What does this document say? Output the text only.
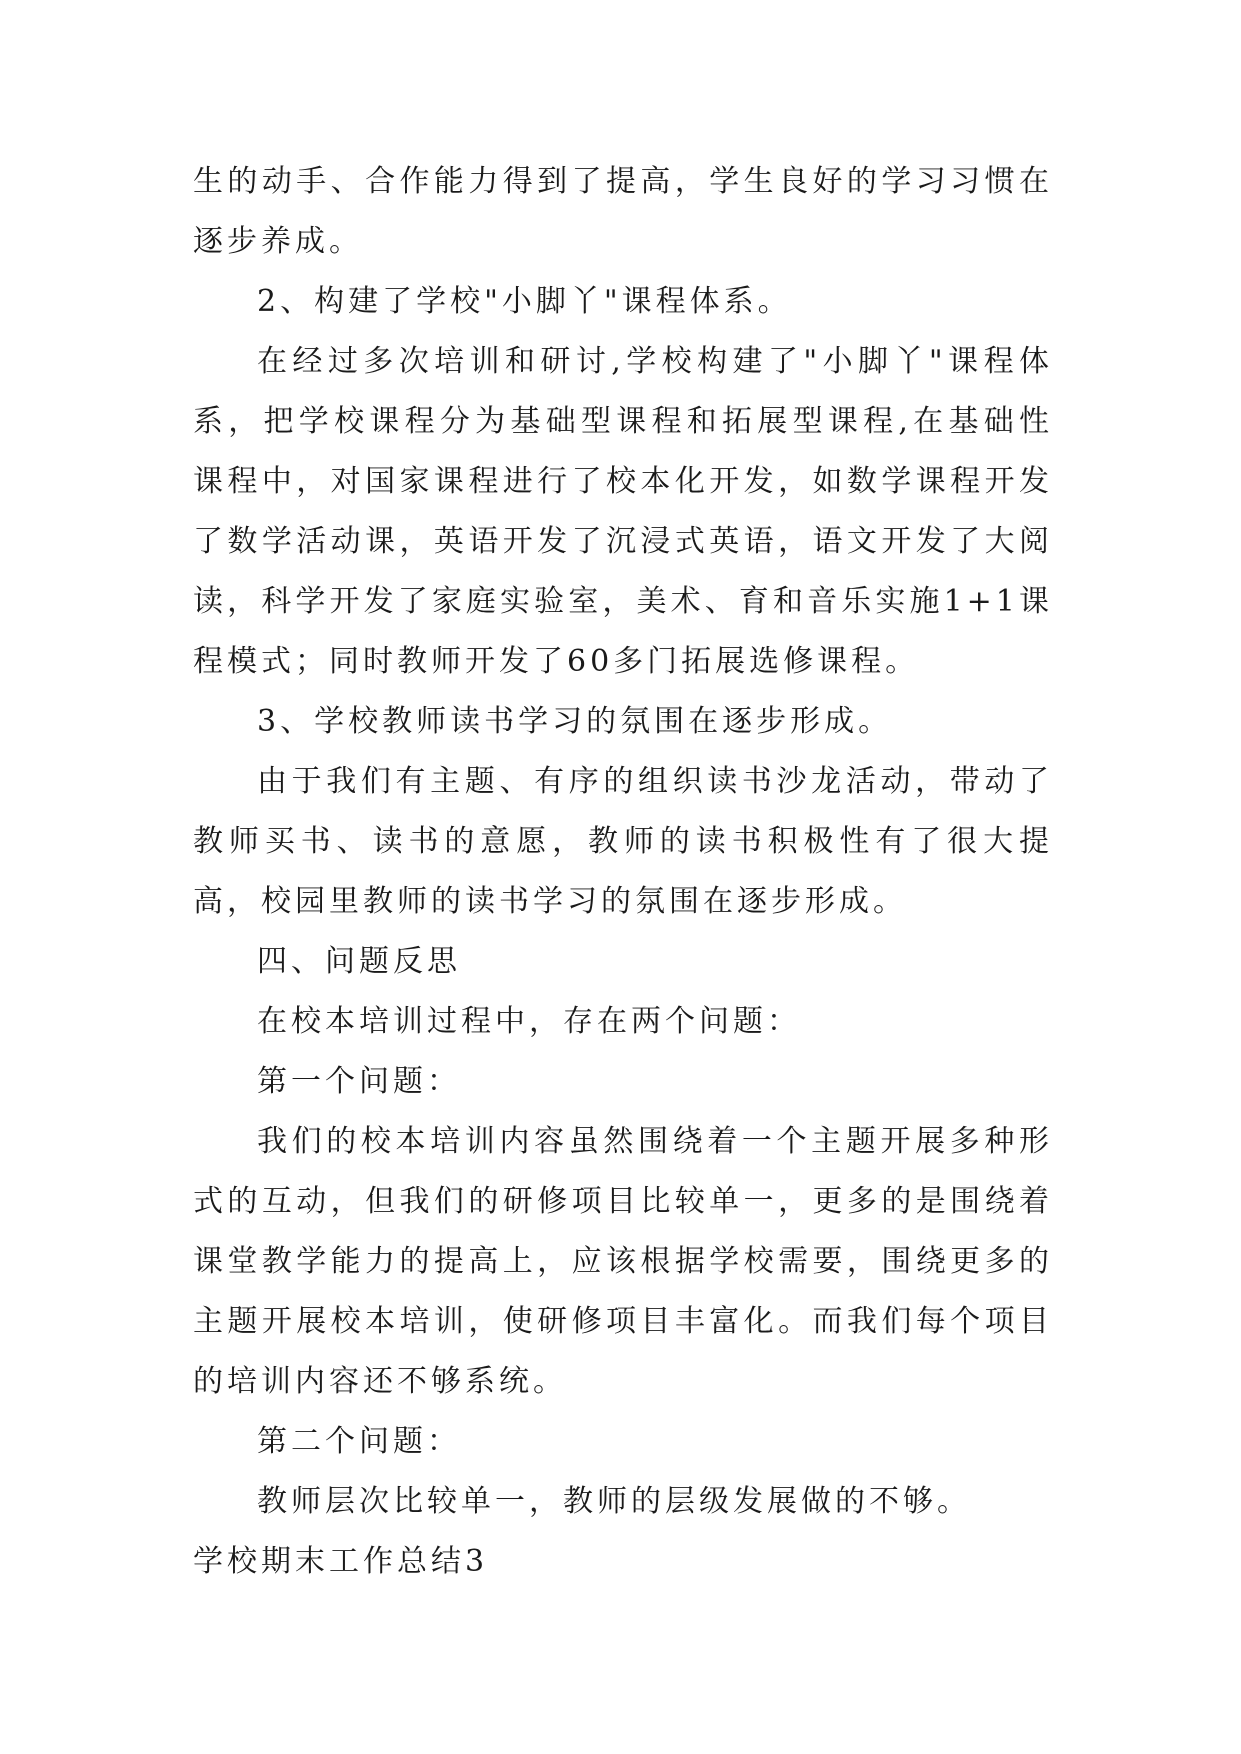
生的动手、合作能力得到了提高，学生良好的学习习惯在逐步养成。

2、构建了学校"小脚丫"课程体系。

在经过多次培训和研讨,学校构建了"小脚丫"课程体系，把学校课程分为基础型课程和拓展型课程,在基础性课程中，对国家课程进行了校本化开发，如数学课程开发了数学活动课，英语开发了沉浸式英语，语文开发了大阅读，科学开发了家庭实验室，美术、育和音乐实施1+1课程模式；同时教师开发了60多门拓展选修课程。

3、学校教师读书学习的氛围在逐步形成。

由于我们有主题、有序的组织读书沙龙活动，带动了教师买书、读书的意愿，教师的读书积极性有了很大提高，校园里教师的读书学习的氛围在逐步形成。

四、问题反思

在校本培训过程中，存在两个问题：

第一个问题：

我们的校本培训内容虽然围绕着一个主题开展多种形式的互动，但我们的研修项目比较单一，更多的是围绕着课堂教学能力的提高上，应该根据学校需要，围绕更多的主题开展校本培训，使研修项目丰富化。而我们每个项目的培训内容还不够系统。

第二个问题：

教师层次比较单一，教师的层级发展做的不够。

学校期末工作总结3
